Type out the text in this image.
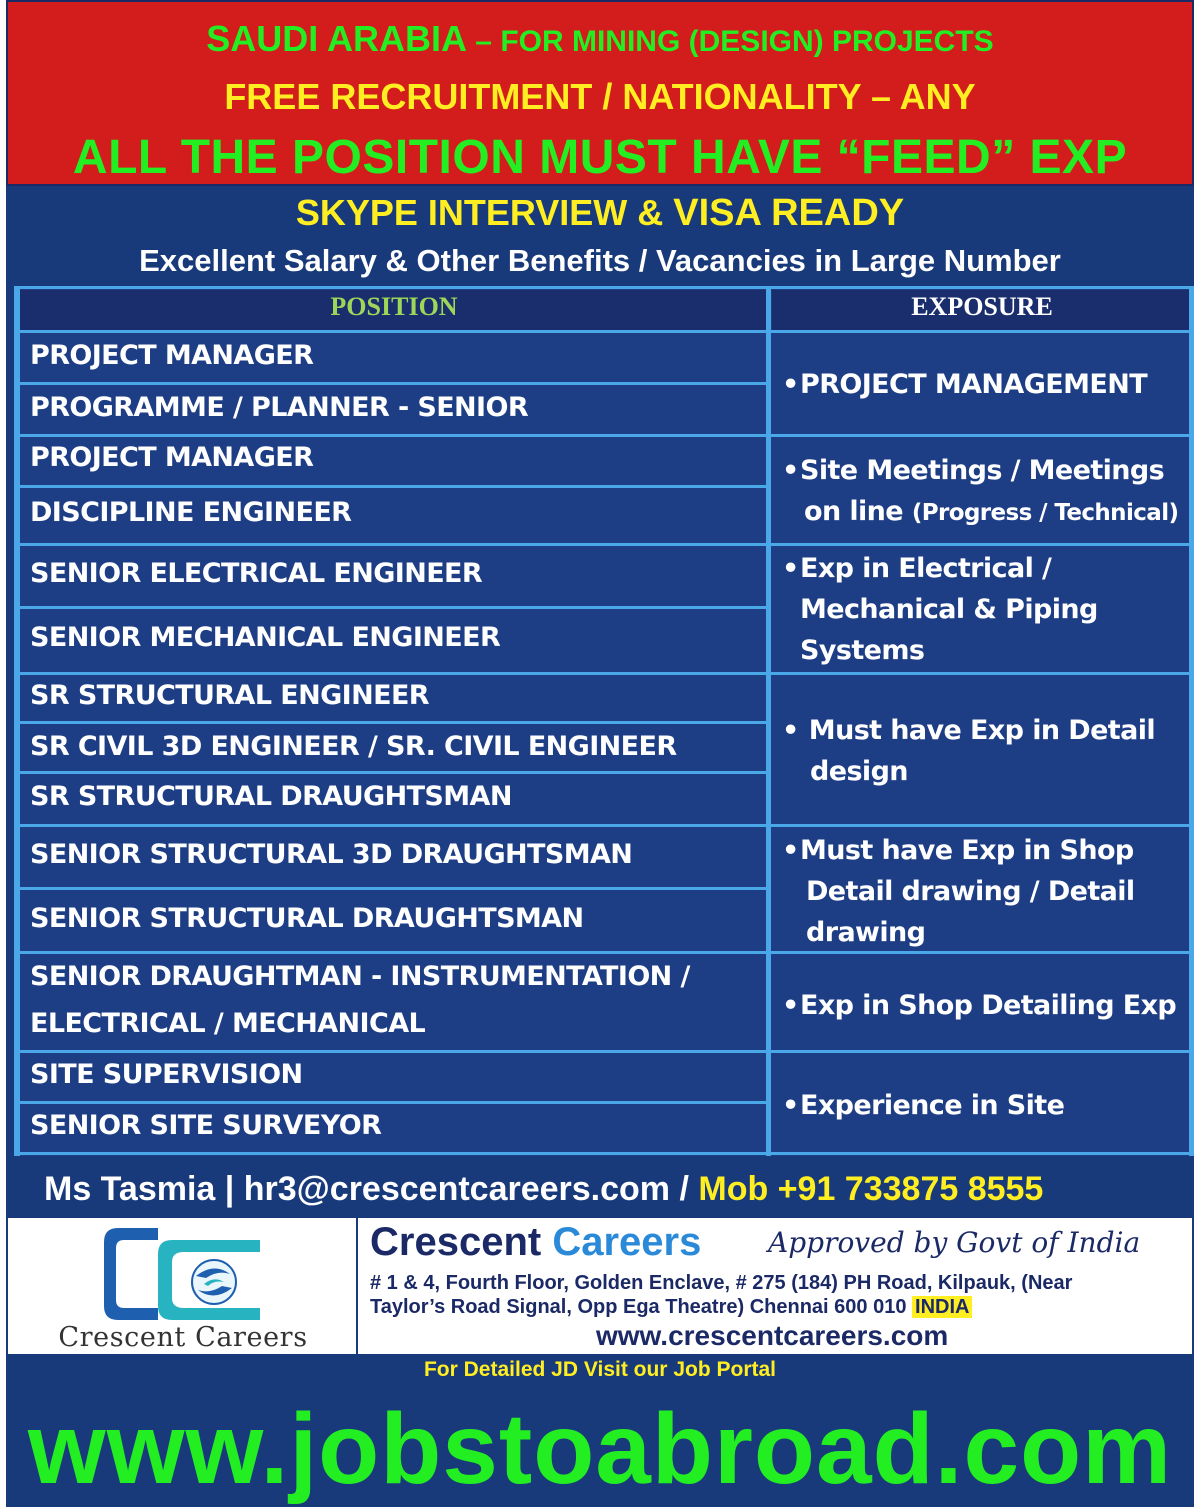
SAUDI ARABIA – FOR MINING (DESIGN) PROJECTS
FREE RECRUITMENT / NATIONALITY – ANY
ALL THE POSITION MUST HAVE “FEED” EXP
SKYPE INTERVIEW & VISA READY
Excellent Salary & Other Benefits / Vacancies in Large Number
POSITION	EXPOSURE
PROJECT MANAGER
PROGRAMME / PLANNER - SENIOR
PROJECT MANAGER
DISCIPLINE ENGINEER
SENIOR ELECTRICAL ENGINEER
SENIOR MECHANICAL ENGINEER
SR STRUCTURAL ENGINEER
SR CIVIL 3D ENGINEER / SR. CIVIL ENGINEER
SR STRUCTURAL DRAUGHTSMAN
SENIOR STRUCTURAL 3D DRAUGHTSMAN
SENIOR STRUCTURAL DRAUGHTSMAN
SENIOR DRAUGHTMAN - INSTRUMENTATION /
ELECTRICAL / MECHANICAL
SITE SUPERVISION
SENIOR SITE SURVEYOR
•PROJECT MANAGEMENT
•Site Meetings / Meetings
on line (Progress / Technical)
•Exp in Electrical /
Mechanical & Piping
Systems
• Must have Exp in Detail
design
•Must have Exp in Shop
Detail drawing / Detail
drawing
•Exp in Shop Detailing Exp
•Experience in Site
Ms Tasmia | hr3@crescentcareers.com / Mob +91 733875 8555
Crescent Careers
Crescent Careers Approved by Govt of India
# 1 & 4, Fourth Floor, Golden Enclave, # 275 (184) PH Road, Kilpauk, (Near
Taylor’s Road Signal, Opp Ega Theatre) Chennai 600 010 INDIA
www.crescentcareers.com
For Detailed JD Visit our Job Portal
www.jobstoabroad.com
